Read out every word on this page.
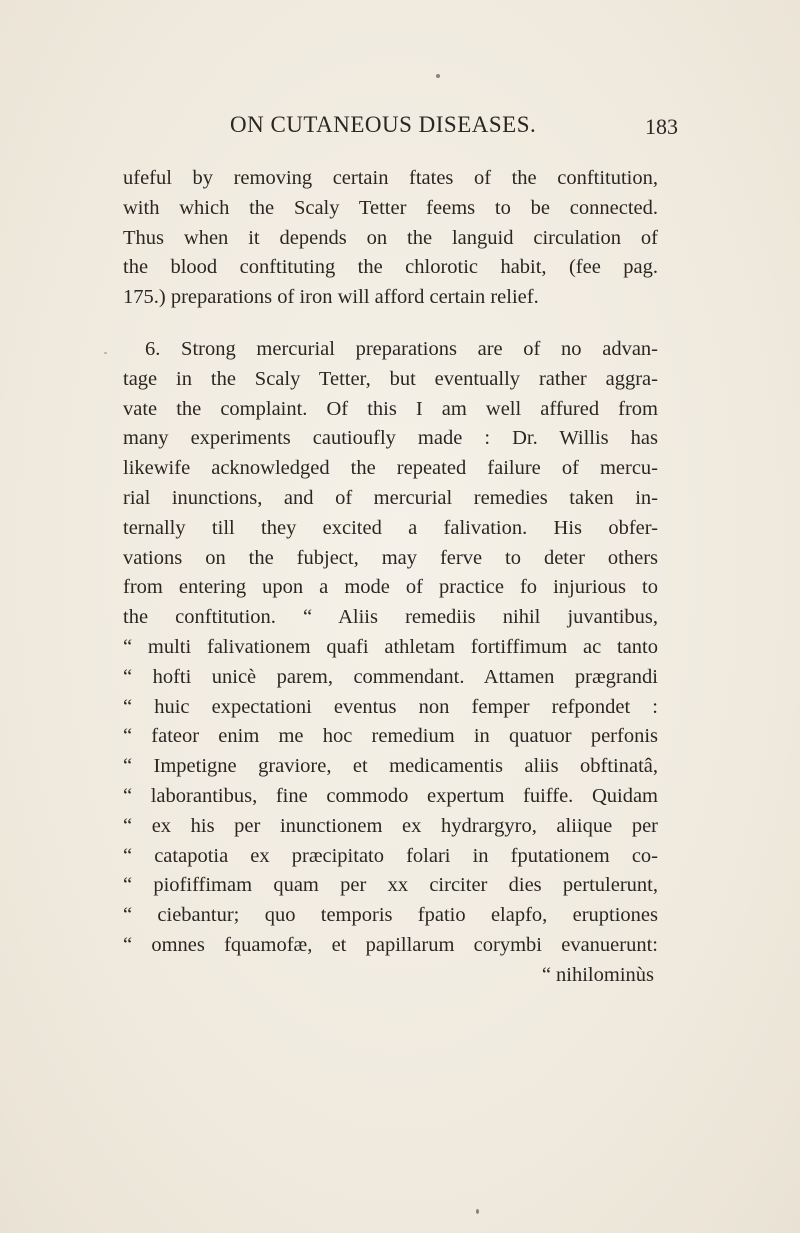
ON CUTANEOUS DISEASES.	183
ufeful by removing certain ftates of the conftitution,
with which the Scaly Tetter feems to be connected.
Thus when it depends on the languid circulation of
the blood conftituting the chlorotic habit, (fee pag.
175.) preparations of iron will afford certain relief.
6. Strong mercurial preparations are of no advan-
tage in the Scaly Tetter, but eventually rather aggra-
vate the complaint. Of this I am well affured from
many experiments cautioufly made : Dr. Willis has
likewife acknowledged the repeated failure of mercu-
rial inunctions, and of mercurial remedies taken in-
ternally till they excited a falivation. His obfer-
vations on the fubject, may ferve to deter others
from entering upon a mode of practice fo injurious to
the conftitution. “ Aliis remediis nihil juvantibus,
“ multi falivationem quafi athletam fortiffimum ac tanto
“ hofti unicè parem, commendant. Attamen prægrandi
“ huic expectationi eventus non femper refpondet :
“ fateor enim me hoc remedium in quatuor perfonis
“ Impetigne graviore, et medicamentis aliis obftinatâ,
“ laborantibus, fine commodo expertum fuiffe. Quidam
“ ex his per inunctionem ex hydrargyro, aliique per
“ catapotia ex præcipitato folari in fputationem co-
“ piofiffimam quam per xx circiter dies pertulerunt,
“ ciebantur; quo temporis fpatio elapfo, eruptiones
“ omnes fquamofæ, et papillarum corymbi evanuerunt:
“ nihilominùs
